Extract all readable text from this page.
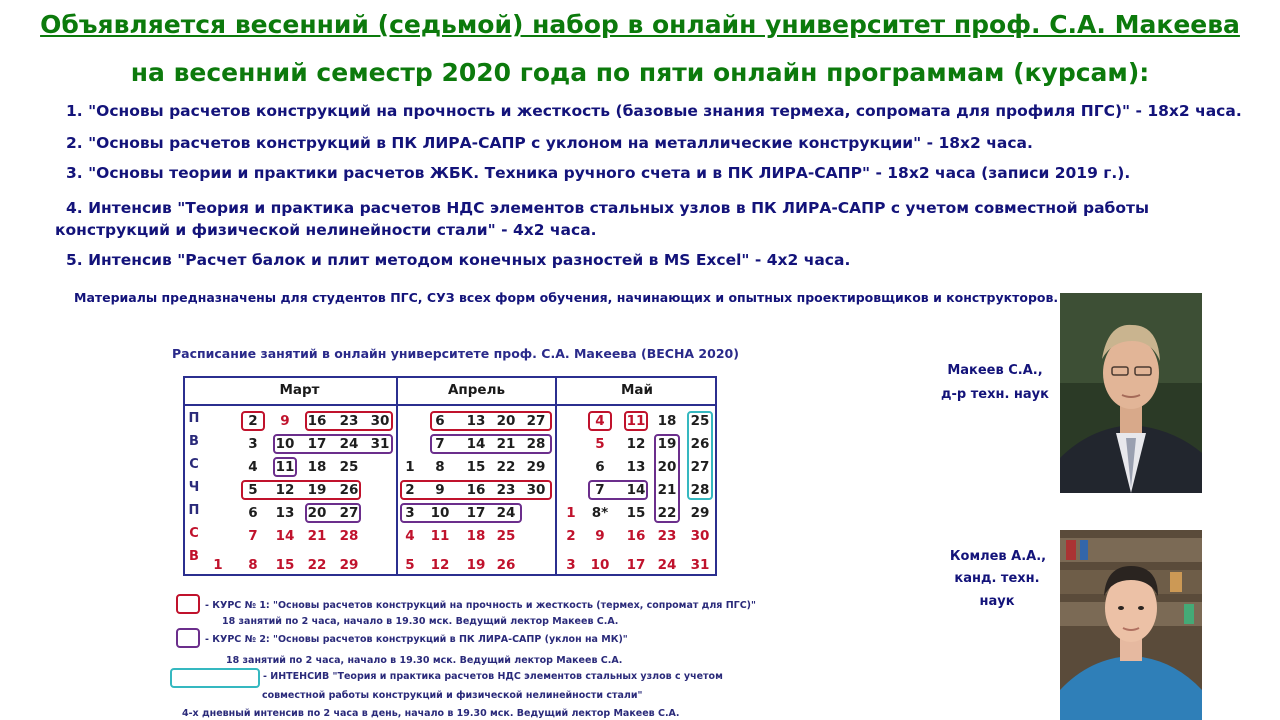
Объявляется весенний (седьмой) набор в онлайн университет проф. С.А. Макеева
на весенний семестр 2020 года по пяти онлайн программам (курсам):
1. "Основы расчетов конструкций на прочность и жесткость (базовые знания термеха, сопромата для профиля ПГС)" - 18х2 часа.
2. "Основы расчетов конструкций в ПК ЛИРА-САПР с уклоном на металлические конструкции" - 18х2 часа.
3. "Основы теории и практики расчетов ЖБК. Техника ручного счета и в ПК ЛИРА-САПР" - 18х2 часа (записи 2019 г.).
4. Интенсив "Теория и практика расчетов НДС элементов стальных узлов в ПК ЛИРА-САПР с учетом совместной работы
конструкций и физической нелинейности стали" - 4х2 часа.
5. Интенсив "Расчет балок и плит методом конечных разностей в MS Excel" - 4х2 часа.
Материалы предназначены для студентов ПГС, СУЗ всех форм обучения, начинающих и опытных проектировщиков и конструкторов.
Расписание занятий в онлайн университете проф. С.А. Макеева (ВЕСНА 2020)
Март	Апрель	Май
П
В
С
Ч
П
С
В
1
2
3
4
5
6
7
8
9
10
11
12
13
14
15
16
17
18
19
20
21
22
23
24
25
26
27
28
29
30
31
1
2
3
4
5
6
7
8
9
10
11
12
13
14
15
16
17
18
19
20
21
22
23
24
25
26
27
28
29
30
1
2
3
4
5
6
7
8*
9
10
11
12
13
14
15
16
17
18
19
20
21
22
23
24
25
26
27
28
29
30
31
- КУРС № 1: "Основы расчетов конструкций на прочность и жесткость (термех, сопромат для ПГС)"
18 занятий по 2 часа, начало в 19.30 мск. Ведущий лектор Макеев С.А.
- КУРС № 2: "Основы расчетов конструкций в ПК ЛИРА-САПР (уклон на МК)"
18 занятий по 2 часа, начало в 19.30 мск. Ведущий лектор Макеев С.А.
- ИНТЕНСИВ "Теория и практика расчетов НДС элементов стальных узлов с учетом
совместной работы конструкций и физической нелинейности стали"
4-х дневный интенсив по 2 часа в день, начало в 19.30 мск. Ведущий лектор Макеев С.А.
Макеев С.А.,
д-р техн. наук
Комлев А.А.,
канд. техн.
наук
